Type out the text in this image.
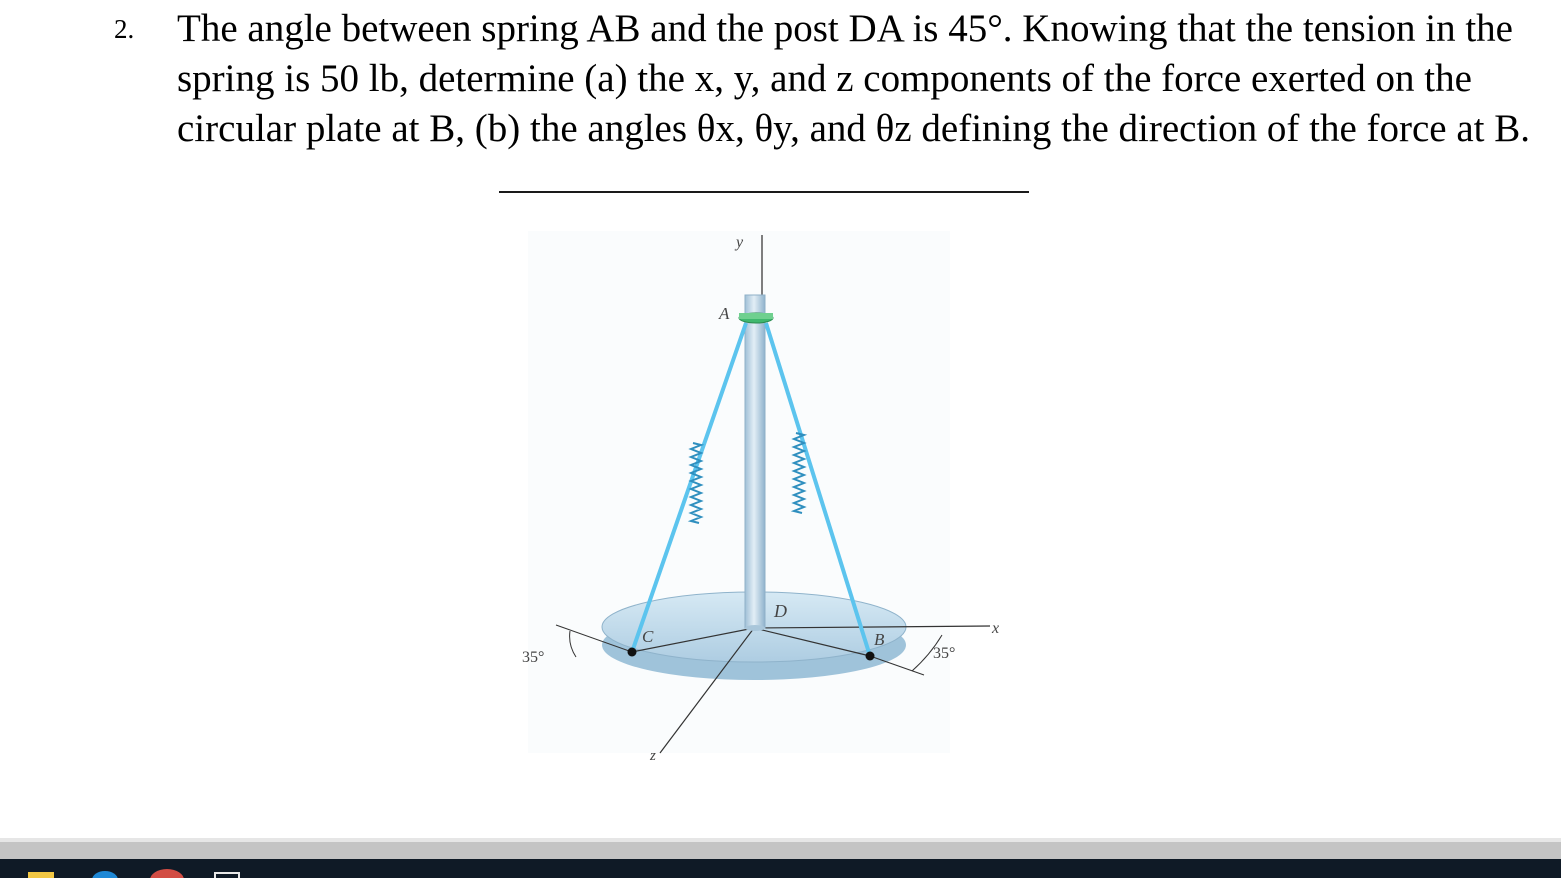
2. The angle between spring AB and the post DA is 45°. Knowing that the tension in the
spring is 50 lb, determine (a) the x, y, and z components of the force exerted on the
circular plate at B, (b) the angles θx, θy, and θz defining the direction of the force at B.
y
x
z
A
B
C
D
35°	35°
